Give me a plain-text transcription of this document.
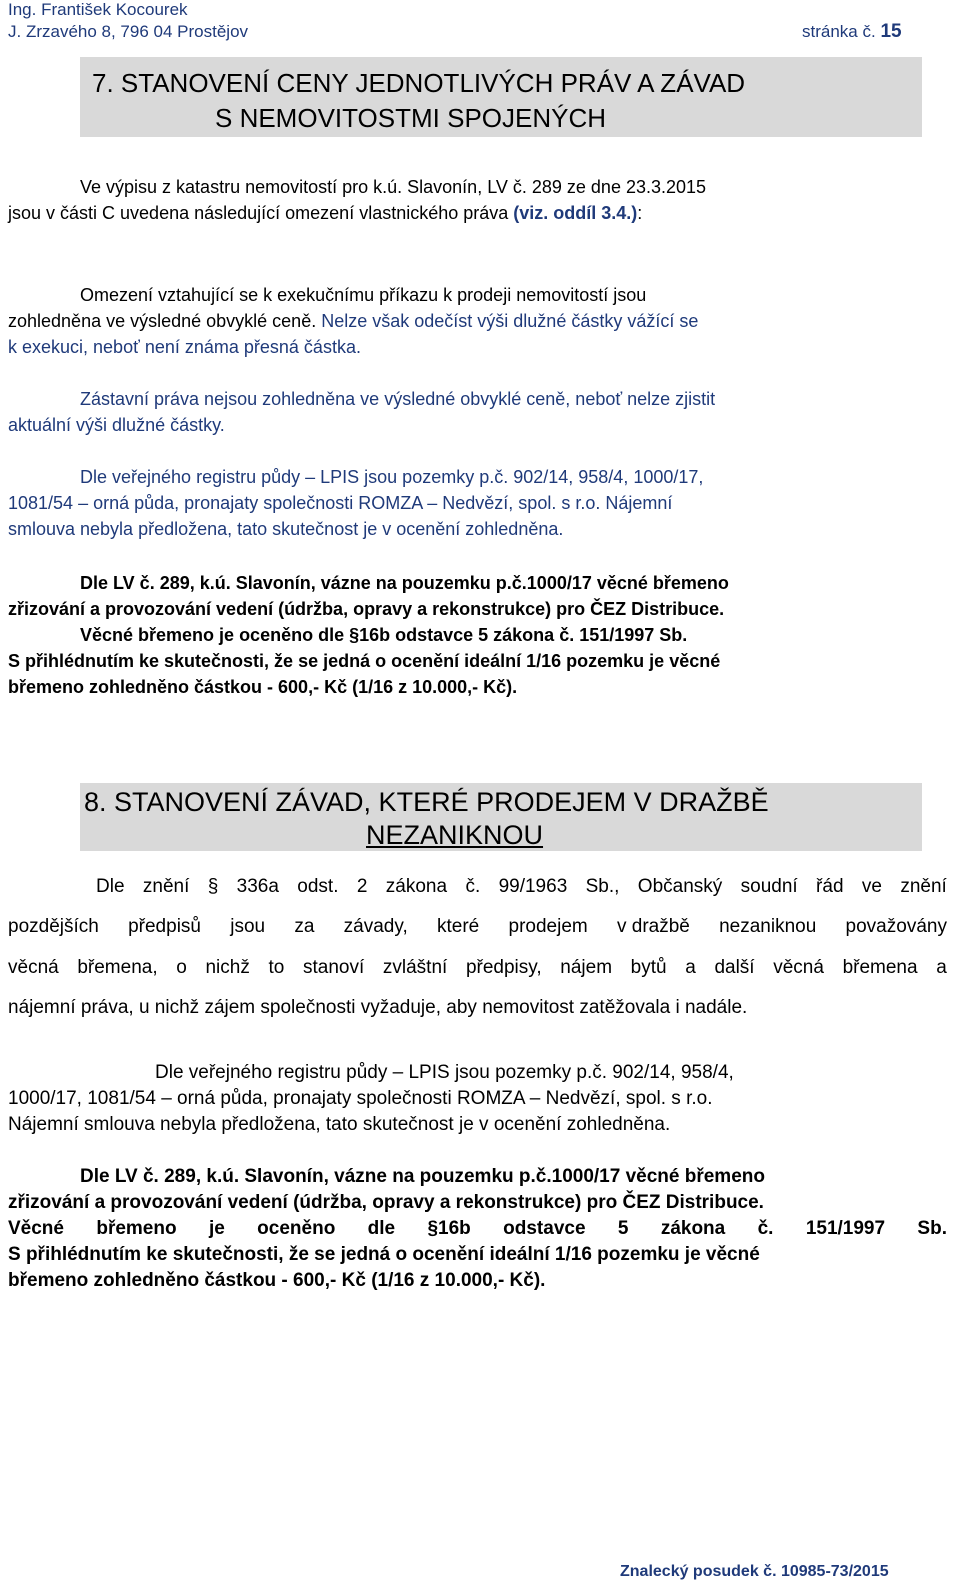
Ing. František Kocourek
J. Zrzavého 8, 796 04 Prostějov	stránka č. 15
7. STANOVENÍ CENY JEDNOTLIVÝCH PRÁV A ZÁVAD
S NEMOVITOSTMI SPOJENÝCH
Ve výpisu z katastru nemovitostí pro k.ú. Slavonín, LV č. 289 ze dne 23.3.2015
jsou v části C uvedena následující omezení vlastnického práva (viz. oddíl 3.4.):
Omezení vztahující se k exekučnímu příkazu k prodeji nemovitostí jsou
zohledněna ve výsledné obvyklé ceně. Nelze však odečíst výši dlužné částky vážící se
k exekuci, neboť není známa přesná částka.
Zástavní práva nejsou zohledněna ve výsledné obvyklé ceně, neboť nelze zjistit
aktuální výši dlužné částky.
Dle veřejného registru půdy – LPIS jsou pozemky p.č. 902/14, 958/4, 1000/17,
1081/54 – orná půda, pronajaty společnosti ROMZA – Nedvězí, spol. s r.o. Nájemní
smlouva nebyla předložena, tato skutečnost je v ocenění zohledněna.
Dle LV č. 289, k.ú. Slavonín, vázne na pouzemku p.č.1000/17 věcné břemeno
zřizování a provozování vedení (údržba, opravy a rekonstrukce) pro ČEZ Distribuce.
Věcné břemeno je oceněno dle §16b odstavce 5 zákona č. 151/1997 Sb.
S přihlédnutím ke skutečnosti, že se jedná o ocenění ideální 1/16 pozemku je věcné
břemeno zohledněno částkou - 600,- Kč (1/16 z 10.000,- Kč).
8. STANOVENÍ ZÁVAD, KTERÉ PRODEJEM V DRAŽBĚ
NEZANIKNOU
Dle znění § 336a odst. 2 zákona č. 99/1963 Sb., Občanský soudní řád ve znění
pozdějších předpisů jsou za závady, které prodejem v dražbě nezaniknou považovány
věcná břemena, o nichž to stanoví zvláštní předpisy, nájem bytů a další věcná břemena a
nájemní práva, u nichž zájem společnosti vyžaduje, aby nemovitost zatěžovala i nadále.
Dle veřejného registru půdy – LPIS jsou pozemky p.č. 902/14, 958/4,
1000/17, 1081/54 – orná půda, pronajaty společnosti ROMZA – Nedvězí, spol. s r.o.
Nájemní smlouva nebyla předložena, tato skutečnost je v ocenění zohledněna.
Dle LV č. 289, k.ú. Slavonín, vázne na pouzemku p.č.1000/17 věcné břemeno
zřizování a provozování vedení (údržba, opravy a rekonstrukce) pro ČEZ Distribuce.
Věcné břemeno je oceněno dle §16b odstavce 5 zákona č. 151/1997 Sb.
S přihlédnutím ke skutečnosti, že se jedná o ocenění ideální 1/16 pozemku je věcné
břemeno zohledněno částkou - 600,- Kč (1/16 z 10.000,- Kč).
Znalecký posudek č. 10985-73/2015
